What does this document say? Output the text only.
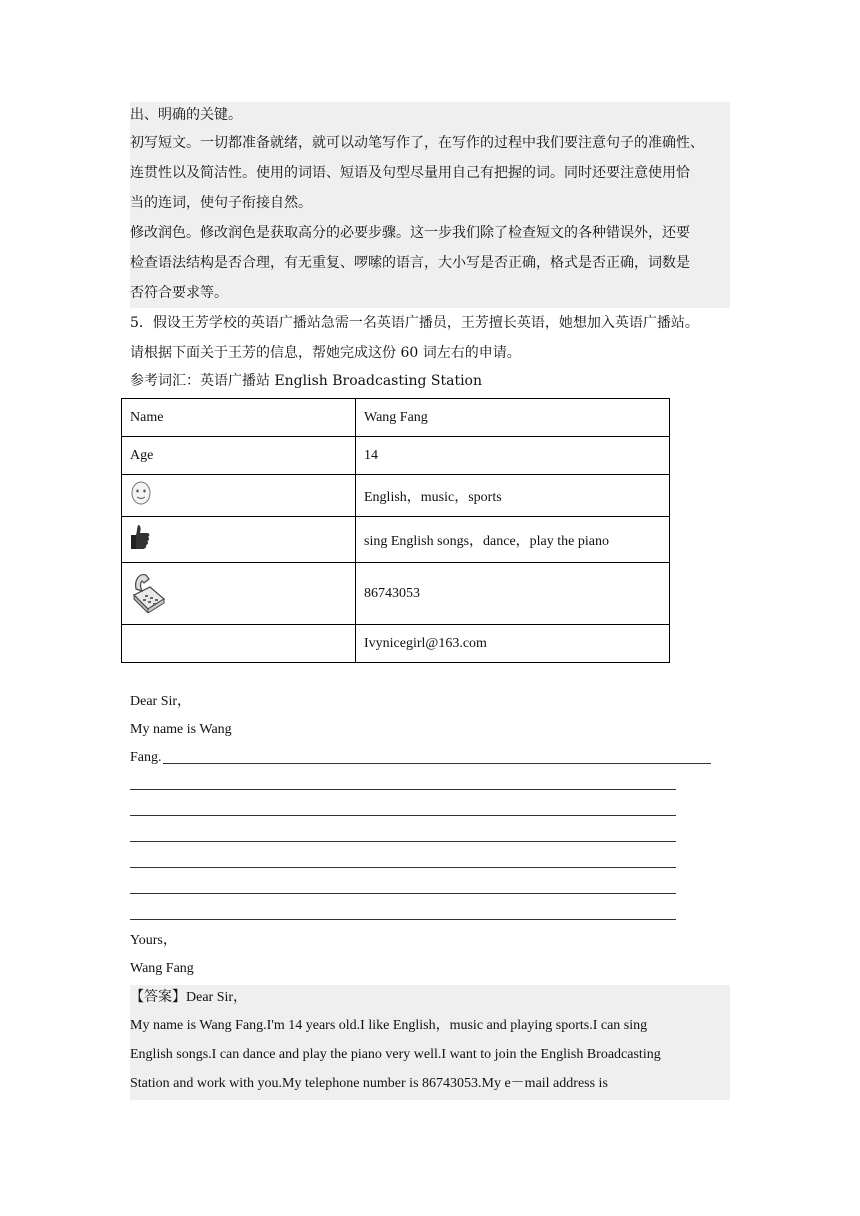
出、明确的关键。
初写短文。一切都准备就绪，就可以动笔写作了，在写作的过程中我们要注意句子的准确性、
连贯性以及简洁性。使用的词语、短语及句型尽量用自己有把握的词。同时还要注意使用恰
当的连词，使句子衔接自然。
修改润色。修改润色是获取高分的必要步骤。这一步我们除了检查短文的各种错误外，还要
检查语法结构是否合理，有无重复、啰嗦的语言，大小写是否正确，格式是否正确，词数是
否符合要求等。
5．假设王芳学校的英语广播站急需一名英语广播员，王芳擅长英语，她想加入英语广播站。
请根据下面关于王芳的信息，帮她完成这份 60 词左右的申请。
参考词汇：英语广播站 English Broadcasting Station
Name	Wang Fang
Age	14
	English，music，sports
	sing English songs，dance，play the piano
	86743053
	Ivynicegirl@163.com
Dear Sir，
My name is Wang
Fang.
Yours，
Wang Fang
【答案】Dear Sir，
My name is Wang Fang.I'm 14 years old.I like English，music and playing sports.I can sing
English songs.I can dance and play the piano very well.I want to join the English Broadcasting
Station and work with you.My telephone number is 86743053.My e－mail address is
